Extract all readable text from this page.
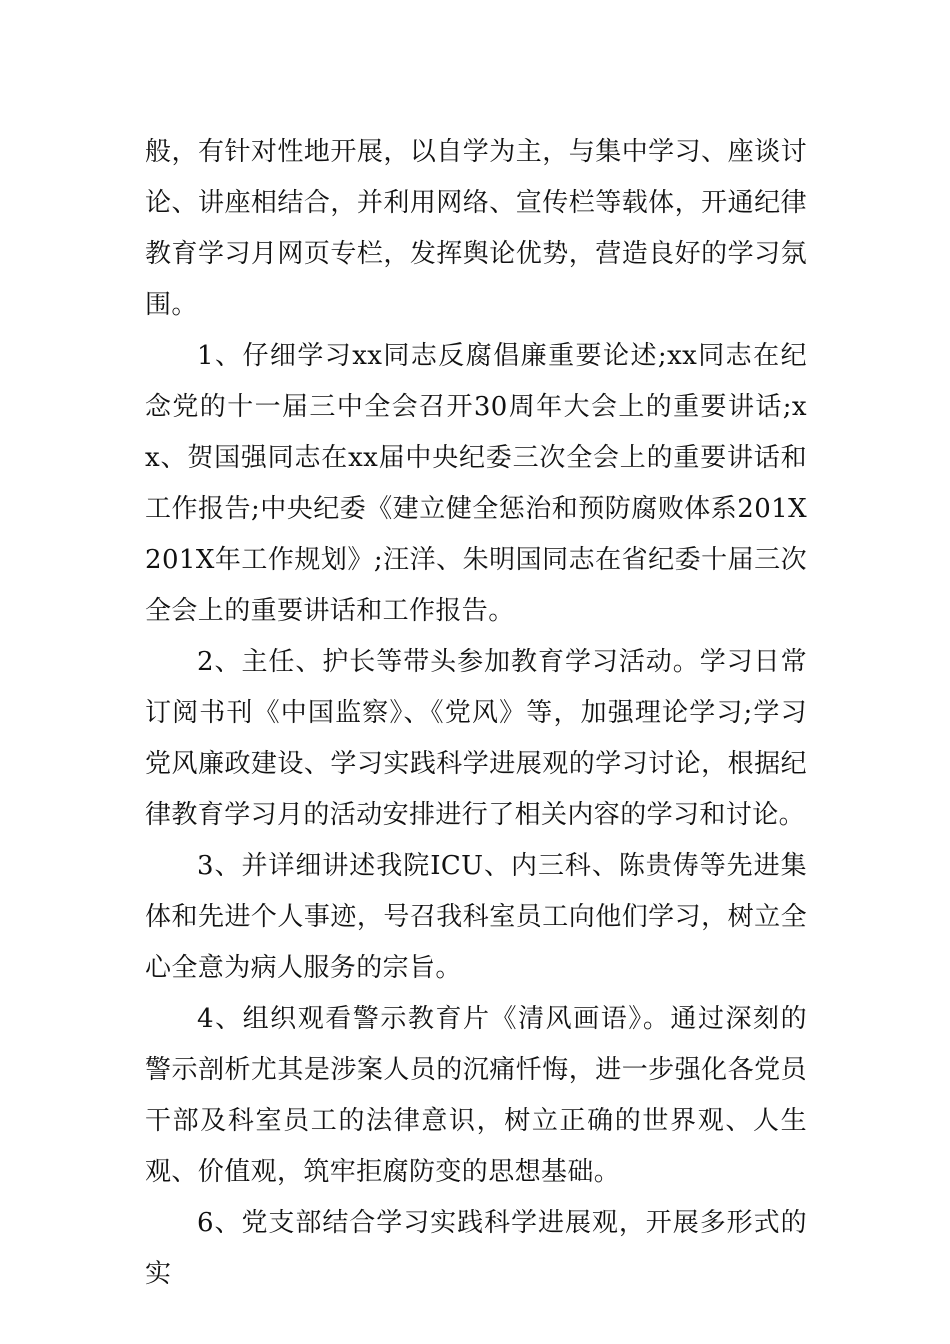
般，有针对性地开展，以自学为主，与集中学习、座谈讨论、讲座相结合，并利用网络、宣传栏等载体，开通纪律教育学习月网页专栏，发挥舆论优势，营造良好的学习氛围。

1、仔细学习xx同志反腐倡廉重要论述;xx同志在纪念党的十一届三中全会召开30周年大会上的重要讲话;xx、贺国强同志在xx届中央纪委三次全会上的重要讲话和工作报告;中央纪委《建立健全惩治和预防腐败体系201X201X年工作规划》;汪洋、朱明国同志在省纪委十届三次全会上的重要讲话和工作报告。

2、主任、护长等带头参加教育学习活动。学习日常订阅书刊《中国监察》、《党风》等，加强理论学习;学习党风廉政建设、学习实践科学进展观的学习讨论，根据纪律教育学习月的活动安排进行了相关内容的学习和讨论。

3、并详细讲述我院ICU、内三科、陈贵俦等先进集体和先进个人事迹，号召我科室员工向他们学习，树立全心全意为病人服务的宗旨。

4、组织观看警示教育片《清风画语》。通过深刻的警示剖析尤其是涉案人员的沉痛忏悔，进一步强化各党员干部及科室员工的法律意识，树立正确的世界观、人生观、价值观，筑牢拒腐防变的思想基础。

6、党支部结合学习实践科学进展观，开展多形式的实
